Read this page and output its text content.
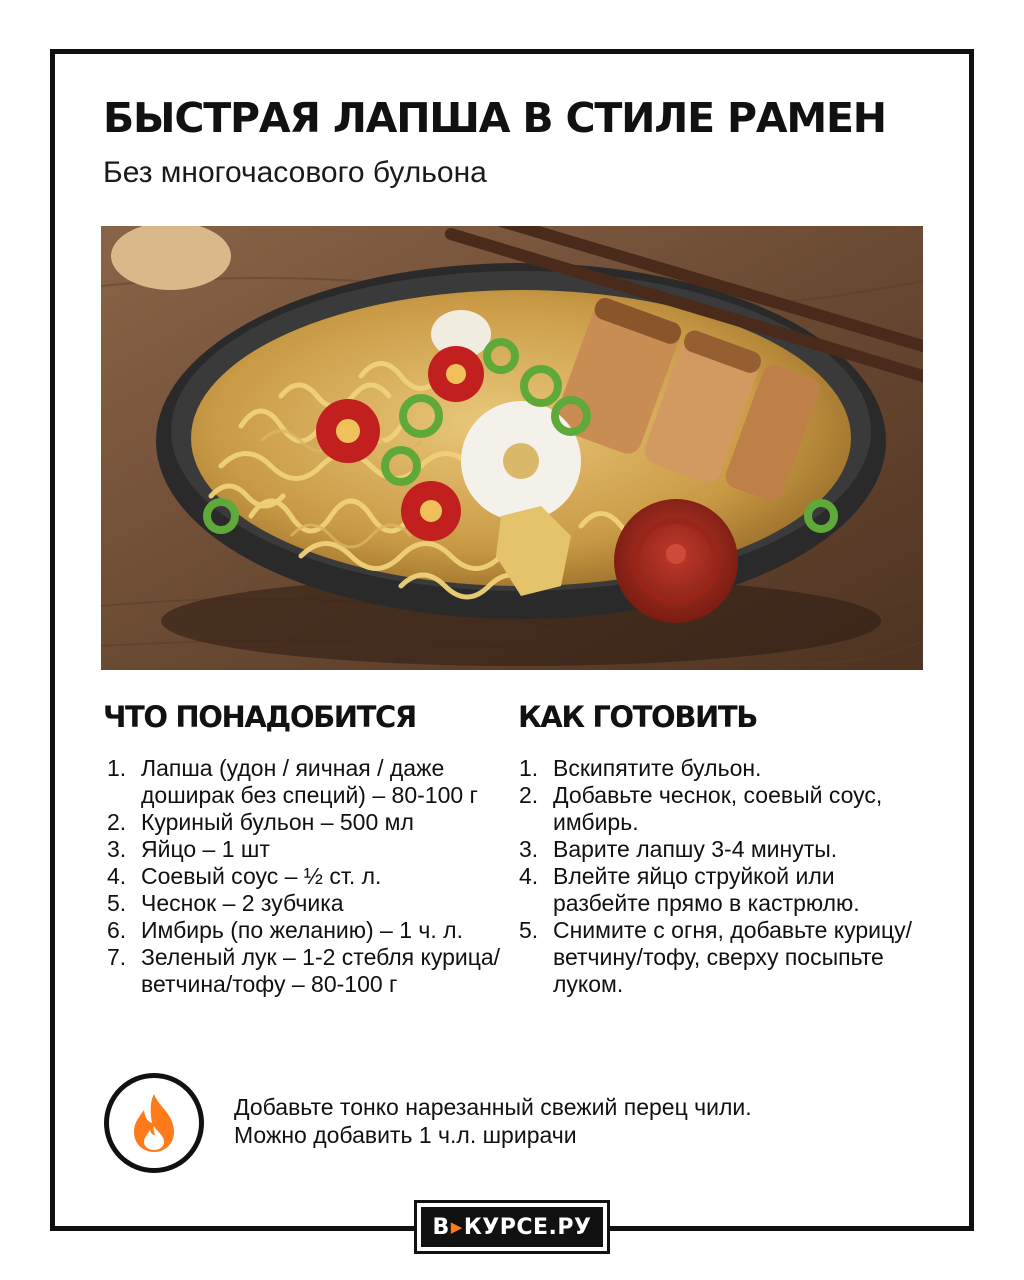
БЫСТРАЯ ЛАПША В СТИЛЕ РАМЕН
Без многочасового бульона
ЧТО ПОНАДОБИТСЯ	КАК ГОТОВИТЬ
1. Лапша (удон / яичная / даже доширак без специй) – 80-100 г
2. Куриный бульон – 500 мл
3. Яйцо – 1 шт
4. Соевый соус – ½ ст. л.
5. Чеснок – 2 зубчика
6. Имбирь (по желанию) – 1 ч. л.
7. Зеленый лук – 1-2 стебля курица/ ветчина/тофу – 80-100 г
1. Вскипятите бульон.
2. Добавьте чеснок, соевый соус, имбирь.
3. Варите лапшу 3-4 минуты.
4. Влейте яйцо струйкой или разбейте прямо в кастрюлю.
5. Снимите с огня, добавьте курицу/ветчину/тофу, сверху посыпьте луком.
Добавьте тонко нарезанный свежий перец чили.
Можно добавить 1 ч.л. шрирачи
В ▶ КУРСЕ.РУ
